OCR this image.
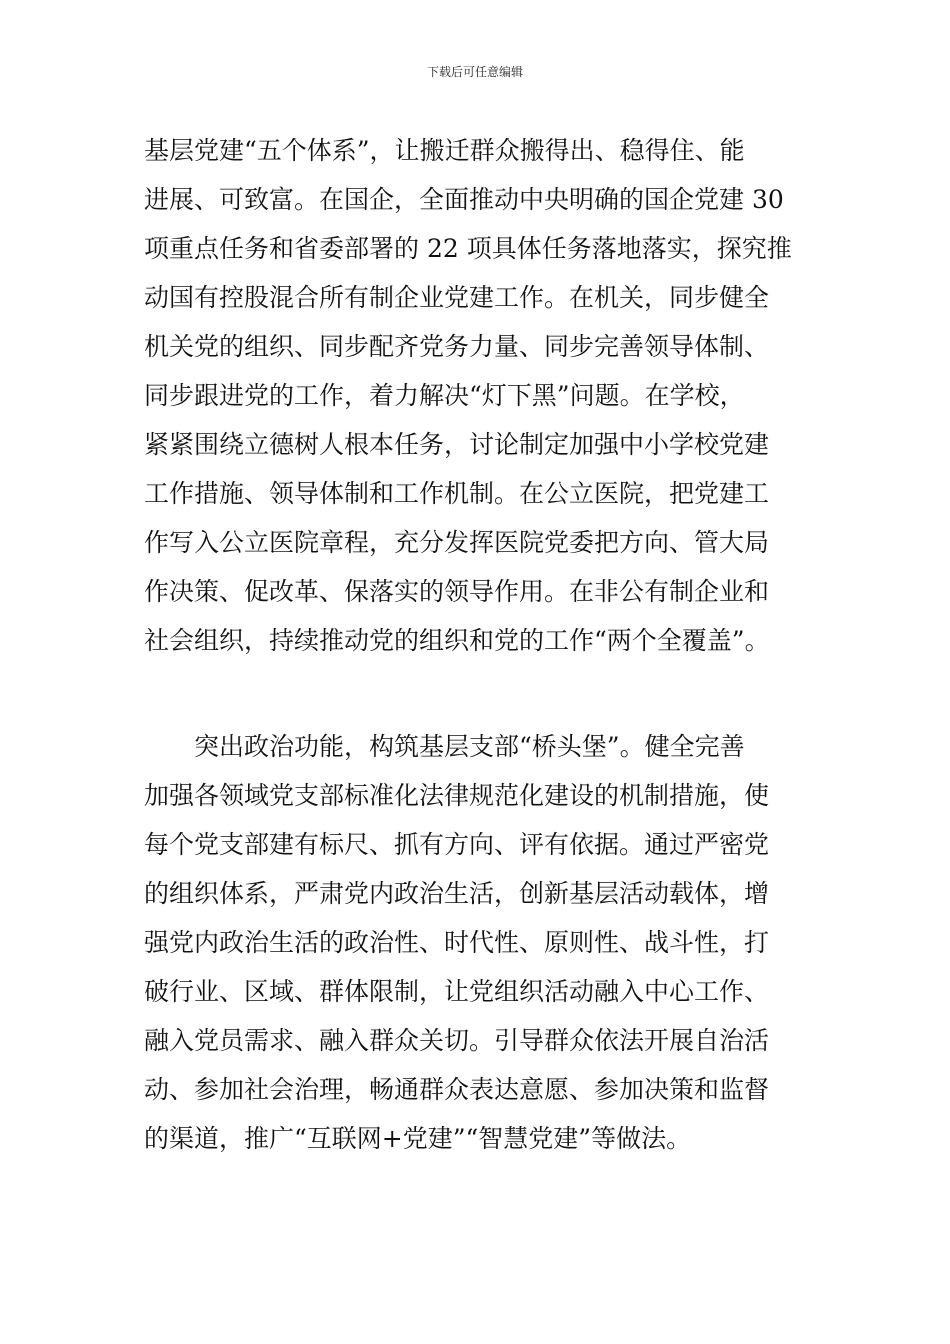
下载后可任意编辑

基层党建“五个体系”，让搬迁群众搬得出、稳得住、能
进展、可致富。在国企，全面推动中央明确的国企党建 30
项重点任务和省委部署的 22 项具体任务落地落实，探究推
动国有控股混合所有制企业党建工作。在机关，同步健全
机关党的组织、同步配齐党务力量、同步完善领导体制、
同步跟进党的工作，着力解决“灯下黑”问题。在学校，
紧紧围绕立德树人根本任务，讨论制定加强中小学校党建
工作措施、领导体制和工作机制。在公立医院，把党建工
作写入公立医院章程，充分发挥医院党委把方向、管大局
作决策、促改革、保落实的领导作用。在非公有制企业和
社会组织，持续推动党的组织和党的工作“两个全覆盖”。

　　突出政治功能，构筑基层支部“桥头堡”。健全完善
加强各领域党支部标准化法律规范化建设的机制措施，使
每个党支部建有标尺、抓有方向、评有依据。通过严密党
的组织体系，严肃党内政治生活，创新基层活动载体，增
强党内政治生活的政治性、时代性、原则性、战斗性，打
破行业、区域、群体限制，让党组织活动融入中心工作、
融入党员需求、融入群众关切。引导群众依法开展自治活
动、参加社会治理，畅通群众表达意愿、参加决策和监督
的渠道，推广“互联网+党建”“智慧党建”等做法。
